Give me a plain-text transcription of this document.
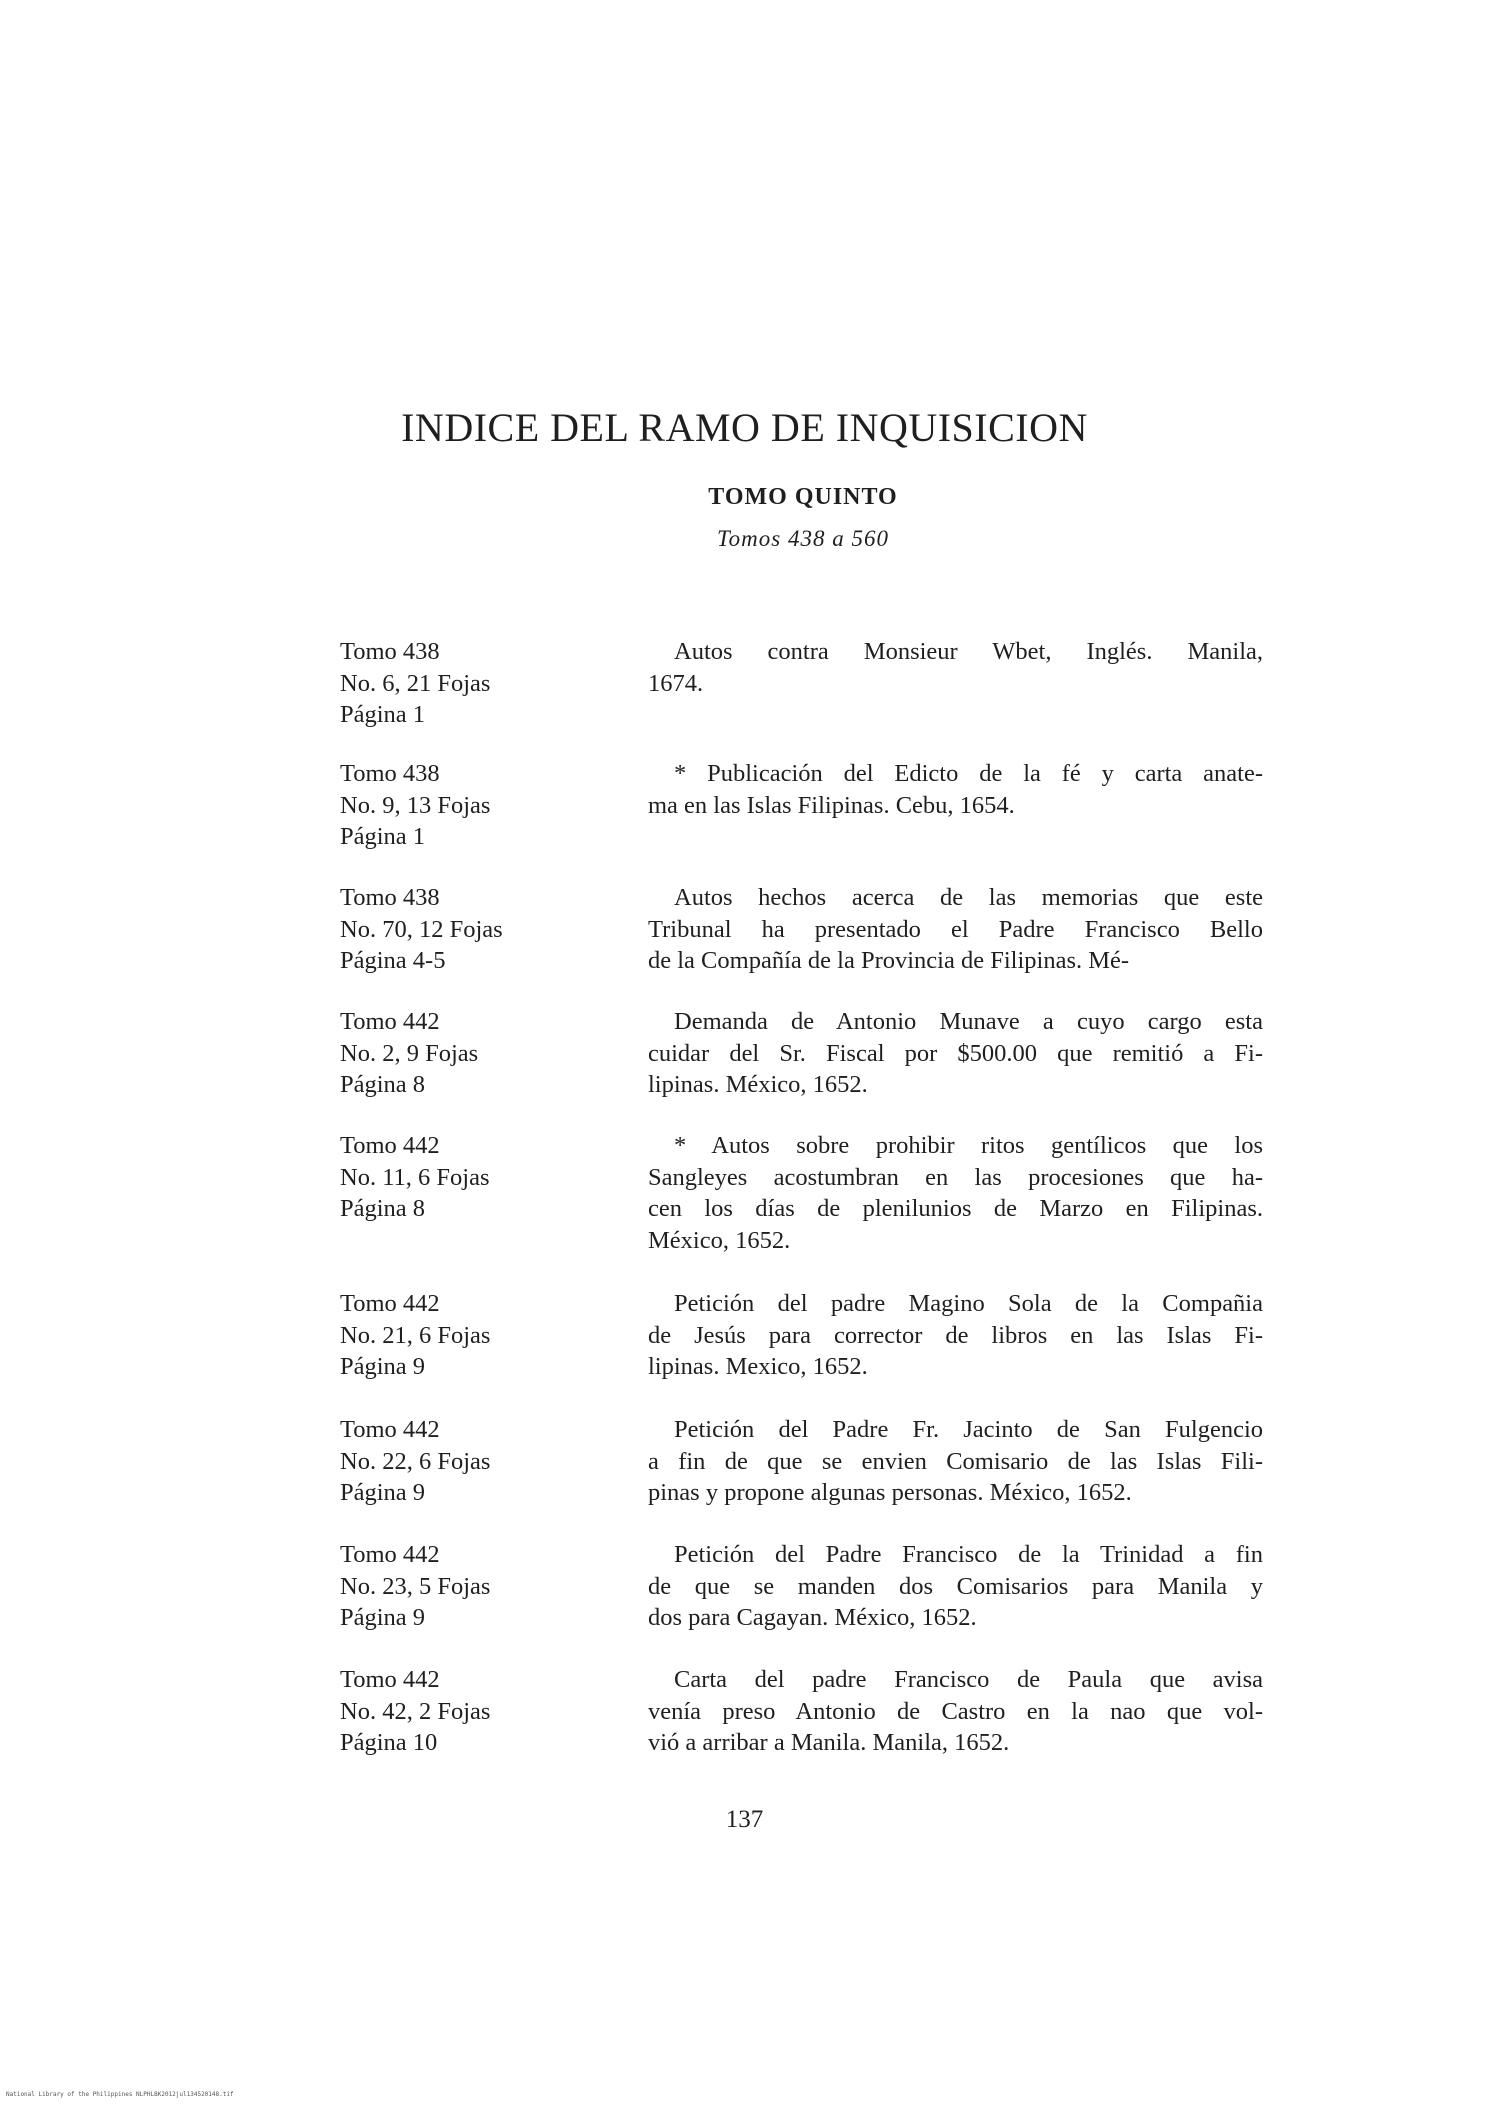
INDICE DEL RAMO DE INQUISICION
TOMO QUINTO
Tomos 438 a 560
Tomo 438
No. 6, 21 Fojas
Página 1
Autos contra Monsieur Wbet, Inglés. Manila,
1674.
Tomo 438
No. 9, 13 Fojas
Página 1
* Publicación del Edicto de la fé y carta anate-
ma en las Islas Filipinas. Cebu, 1654.
Tomo 438
No. 70, 12 Fojas
Página 4-5
Autos hechos acerca de las memorias que este
Tribunal ha presentado el Padre Francisco Bello
de la Compañía de la Provincia de Filipinas. Mé-
Tomo 442
No. 2, 9 Fojas
Página 8
Demanda de Antonio Munave a cuyo cargo esta
cuidar del Sr. Fiscal por $500.00 que remitió a Fi-
lipinas. México, 1652.
Tomo 442
No. 11, 6 Fojas
Página 8
* Autos sobre prohibir ritos gentílicos que los
Sangleyes acostumbran en las procesiones que ha-
cen los días de plenilunios de Marzo en Filipinas.
México, 1652.
Tomo 442
No. 21, 6 Fojas
Página 9
Petición del padre Magino Sola de la Compañia
de Jesús para corrector de libros en las Islas Fi-
lipinas. Mexico, 1652.
Tomo 442
No. 22, 6 Fojas
Página 9
Petición del Padre Fr. Jacinto de San Fulgencio
a fin de que se envien Comisario de las Islas Fili-
pinas y propone algunas personas. México, 1652.
Tomo 442
No. 23, 5 Fojas
Página 9
Petición del Padre Francisco de la Trinidad a fin
de que se manden dos Comisarios para Manila y
dos para Cagayan. México, 1652.
Tomo 442
No. 42, 2 Fojas
Página 10
Carta del padre Francisco de Paula que avisa
venía preso Antonio de Castro en la nao que vol-
vió a arribar a Manila. Manila, 1652.
137
National Library of the Philippines NLPHLBK2012jul134520148.tif
